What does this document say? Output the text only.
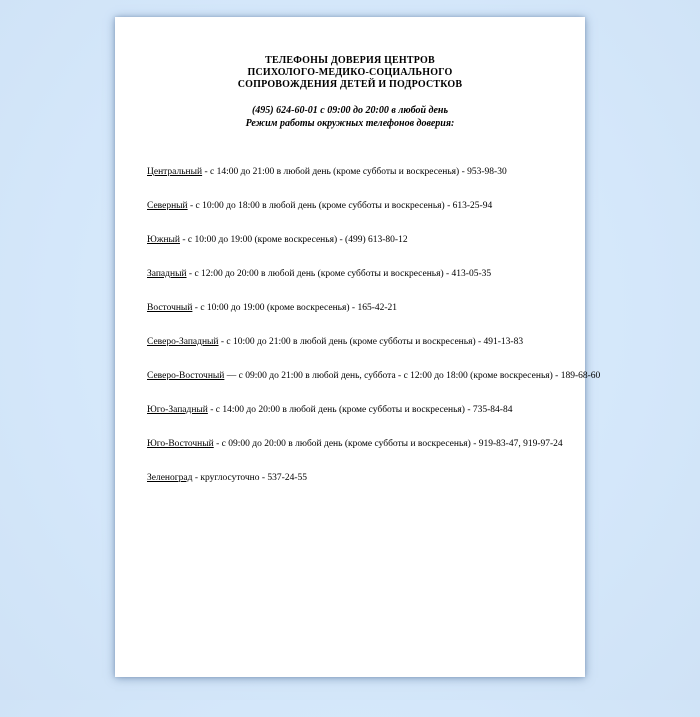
ТЕЛЕФОНЫ ДОВЕРИЯ ЦЕНТРОВ
ПСИХОЛОГО-МЕДИКО-СОЦИАЛЬНОГО
СОПРОВОЖДЕНИЯ ДЕТЕЙ И ПОДРОСТКОВ
(495) 624-60-01 с 09:00 до 20:00 в любой день
Режим работы окружных телефонов доверия:
Центральный - с 14:00 до 21:00 в любой день (кроме субботы и воскресенья) - 953-98-30
Северный - с 10:00 до 18:00 в любой день (кроме субботы и воскресенья) - 613-25-94
Южный - с 10:00 до 19:00 (кроме воскресенья) - (499) 613-80-12
Западный - с 12:00 до 20:00 в любой день (кроме субботы и воскресенья) - 413-05-35
Восточный - с 10:00 до 19:00 (кроме воскресенья) - 165-42-21
Северо-Западный - с 10:00 до 21:00 в любой день (кроме субботы и воскресенья) - 491-13-83
Северо-Восточный — с 09:00 до 21:00 в любой день, суббота - с 12:00 до 18:00 (кроме воскресенья) - 189-68-60
Юго-Западный - с 14:00 до 20:00 в любой день (кроме субботы и воскресенья) - 735-84-84
Юго-Восточный - с 09:00 до 20:00 в любой день (кроме субботы и воскресенья) - 919-83-47, 919-97-24
Зеленоград - круглосуточно - 537-24-55
